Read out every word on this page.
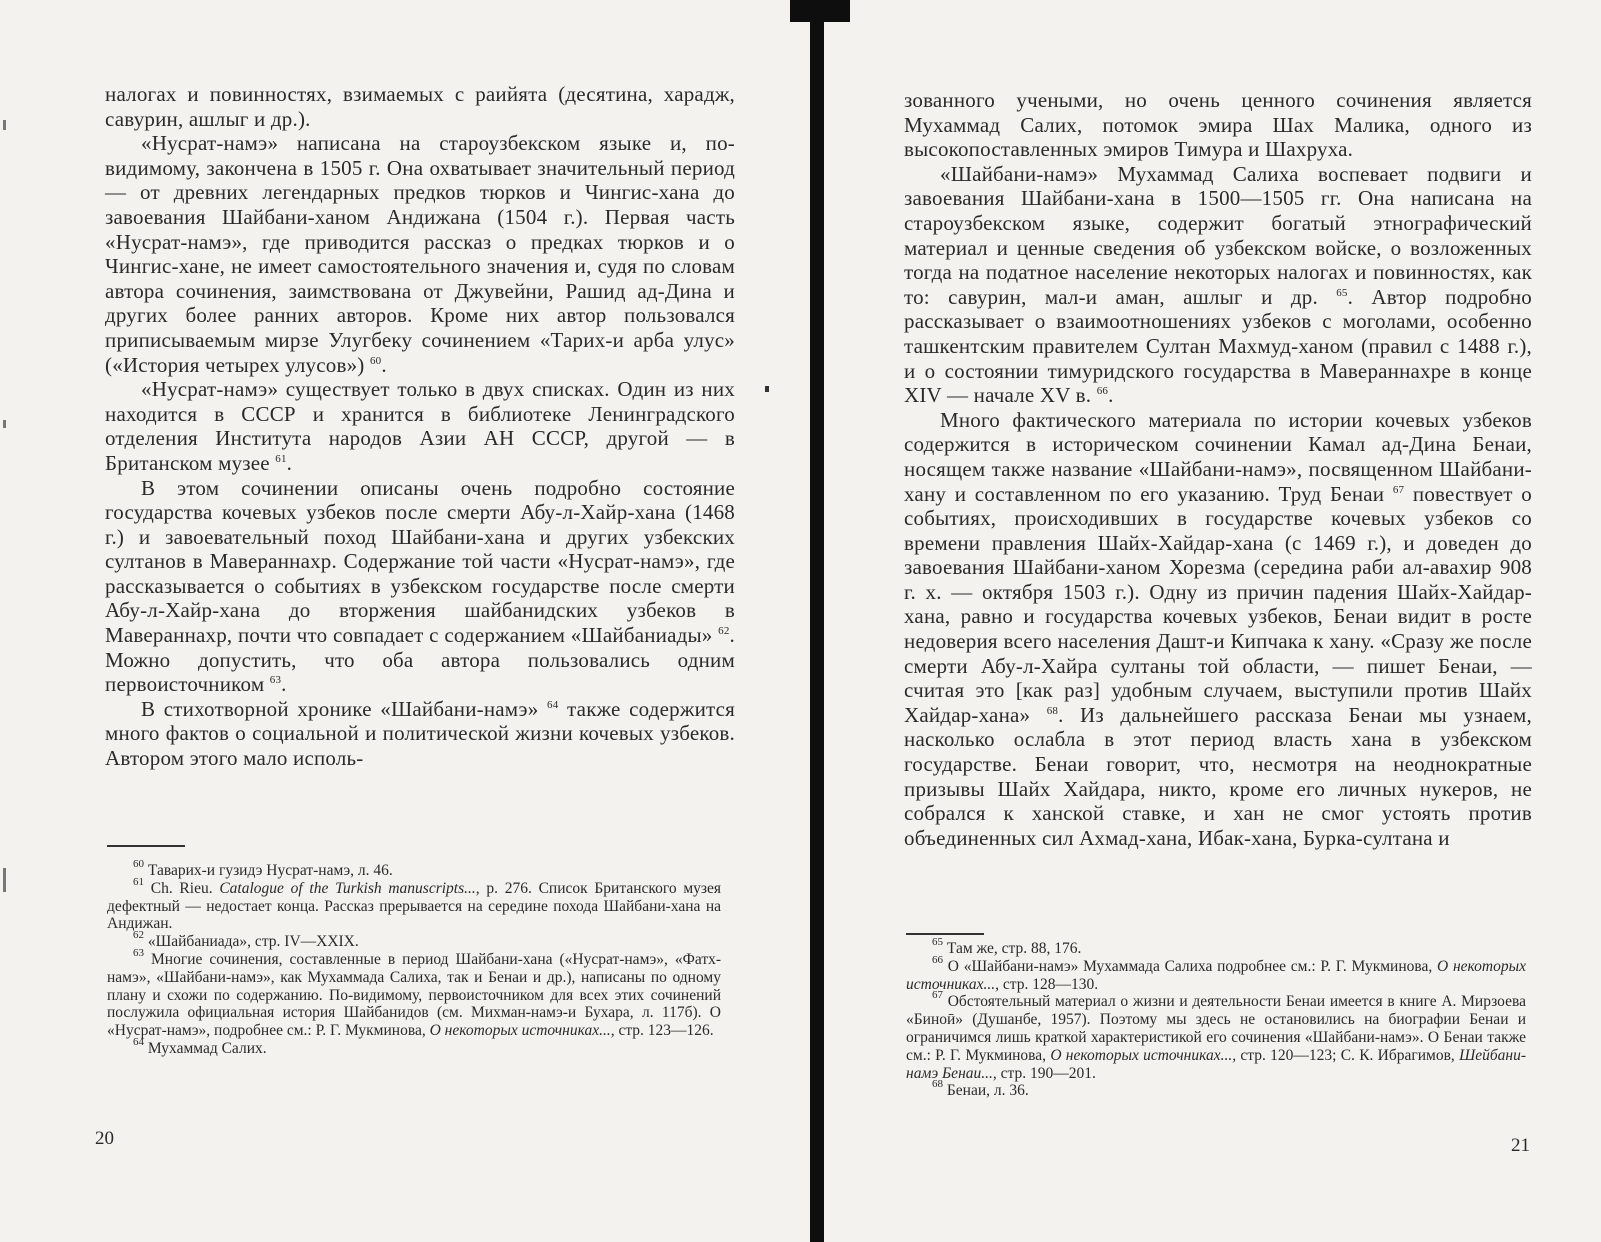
налогах и повинностях, взимаемых с раийята (десятина, харадж, савурин, ашлыг и др.).

«Нусрат-намэ» написана на староузбекском языке и, по-видимому, закончена в 1505 г. Она охватывает значительный период — от древних легендарных предков тюрков и Чингис-хана до завоевания Шайбани-ханом Андижана (1504 г.). Первая часть «Нусрат-намэ», где приводится рассказ о предках тюрков и о Чингис-хане, не имеет самостоятельного значения и, судя по словам автора сочинения, заимствована от Джувейни, Рашид ад-Дина и других более ранних авторов. Кроме них автор пользовался приписываемым мирзе Улугбеку сочинением «Тарих-и арба улус» («История четырех улусов») $^{60}$.

«Нусрат-намэ» существует только в двух списках. Один из них находится в СССР и хранится в библиотеке Ленинградского отделения Института народов Азии АН СССР, другой — в Британском музее $^{61}$.

В этом сочинении описаны очень подробно состояние государства кочевых узбеков после смерти Абу-л-Хайр-хана (1468 г.) и завоевательный поход Шайбани-хана и других узбекских султанов в Мавераннахр. Содержание той части «Нусрат-намэ», где рассказывается о событиях в узбекском государстве после смерти Абу-л-Хайр-хана до вторжения шайбанидских узбеков в Мавераннахр, почти что совпадает с содержанием «Шайбаниады» $^{62}$. Можно допустить, что оба автора пользовались одним первоисточником $^{63}$.

В стихотворной хронике «Шайбани-намэ» $^{64}$ также содержится много фактов о социальной и политической жизни кочевых узбеков. Автором этого мало исполь-

$^{60}$ Таварих-и гузидэ Нусрат-намэ, л. 46.

$^{61}$ Ch. Rieu. Catalogue of the Turkish manuscripts..., p. 276. Список Британского музея дефектный — недостает конца. Рассказ прерывается на середине похода Шайбани-хана на Андижан.

$^{62}$ «Шайбаниада», стр. IV—XXIX.

$^{63}$ Многие сочинения, составленные в период Шайбани-хана («Нусрат-намэ», «Фатх-намэ», «Шайбани-намэ», как Мухаммада Салиха, так и Бенаи и др.), написаны по одному плану и схожи по содержанию. По-видимому, первоисточником для всех этих сочинений послужила официальная история Шайбанидов (см. Михман-намэ-и Бухара, л. 117б). О «Нусрат-намэ», подробнее см.: Р. Г. Мукминова, О некоторых источниках..., стр. 123—126.

$^{64}$ Мухаммад Салих.

20

зованного учеными, но очень ценного сочинения является Мухаммад Салих, потомок эмира Шах Малика, одного из высокопоставленных эмиров Тимура и Шахруха.

«Шайбани-намэ» Мухаммад Салиха воспевает подвиги и завоевания Шайбани-хана в 1500—1505 гг. Она написана на староузбекском языке, содержит богатый этнографический материал и ценные сведения об узбекском войске, о возложенных тогда на податное население некоторых налогах и повинностях, как то: савурин, мал-и аман, ашлыг и др. $^{65}$. Автор подробно рассказывает о взаимоотношениях узбеков с моголами, особенно ташкентским правителем Султан Махмуд-ханом (правил с 1488 г.), и о состоянии тимуридского государства в Мавераннахре в конце XIV — начале XV в. $^{66}$.

Много фактического материала по истории кочевых узбеков содержится в историческом сочинении Камал ад-Дина Бенаи, носящем также название «Шайбани-намэ», посвященном Шайбани-хану и составленном по его указанию. Труд Бенаи $^{67}$ повествует о событиях, происходивших в государстве кочевых узбеков со времени правления Шайх-Хайдар-хана (с 1469 г.), и доведен до завоевания Шайбани-ханом Хорезма (середина раби ал-авахир 908 г. х. — октября 1503 г.). Одну из причин падения Шайх-Хайдар-хана, равно и государства кочевых узбеков, Бенаи видит в росте недоверия всего населения Дашт-и Кипчака к хану. «Сразу же после смерти Абу-л-Хайра султаны той области, — пишет Бенаи, — считая это [как раз] удобным случаем, выступили против Шайх Хайдар-хана» $^{68}$. Из дальнейшего рассказа Бенаи мы узнаем, насколько ослабла в этот период власть хана в узбекском государстве. Бенаи говорит, что, несмотря на неоднократные призывы Шайх Хайдара, никто, кроме его личных нукеров, не собрался к ханской ставке, и хан не смог устоять против объединенных сил Ахмад-хана, Ибак-хана, Бурка-султана и

$^{65}$ Там же, стр. 88, 176.

$^{66}$ О «Шайбани-намэ» Мухаммада Салиха подробнее см.: Р. Г. Мукминова, О некоторых источниках..., стр. 128—130.

$^{67}$ Обстоятельный материал о жизни и деятельности Бенаи имеется в книге А. Мирзоева «Биноӣ» (Душанбе, 1957). Поэтому мы здесь не остановились на биографии Бенаи и ограничимся лишь краткой характеристикой его сочинения «Шайбани-намэ». О Бенаи также см.: Р. Г. Мукминова, О некоторых источниках..., стр. 120—123; С. К. Ибрагимов, Шейбани-намэ Бенаи..., стр. 190—201.

$^{68}$ Бенаи, л. 36.

21
